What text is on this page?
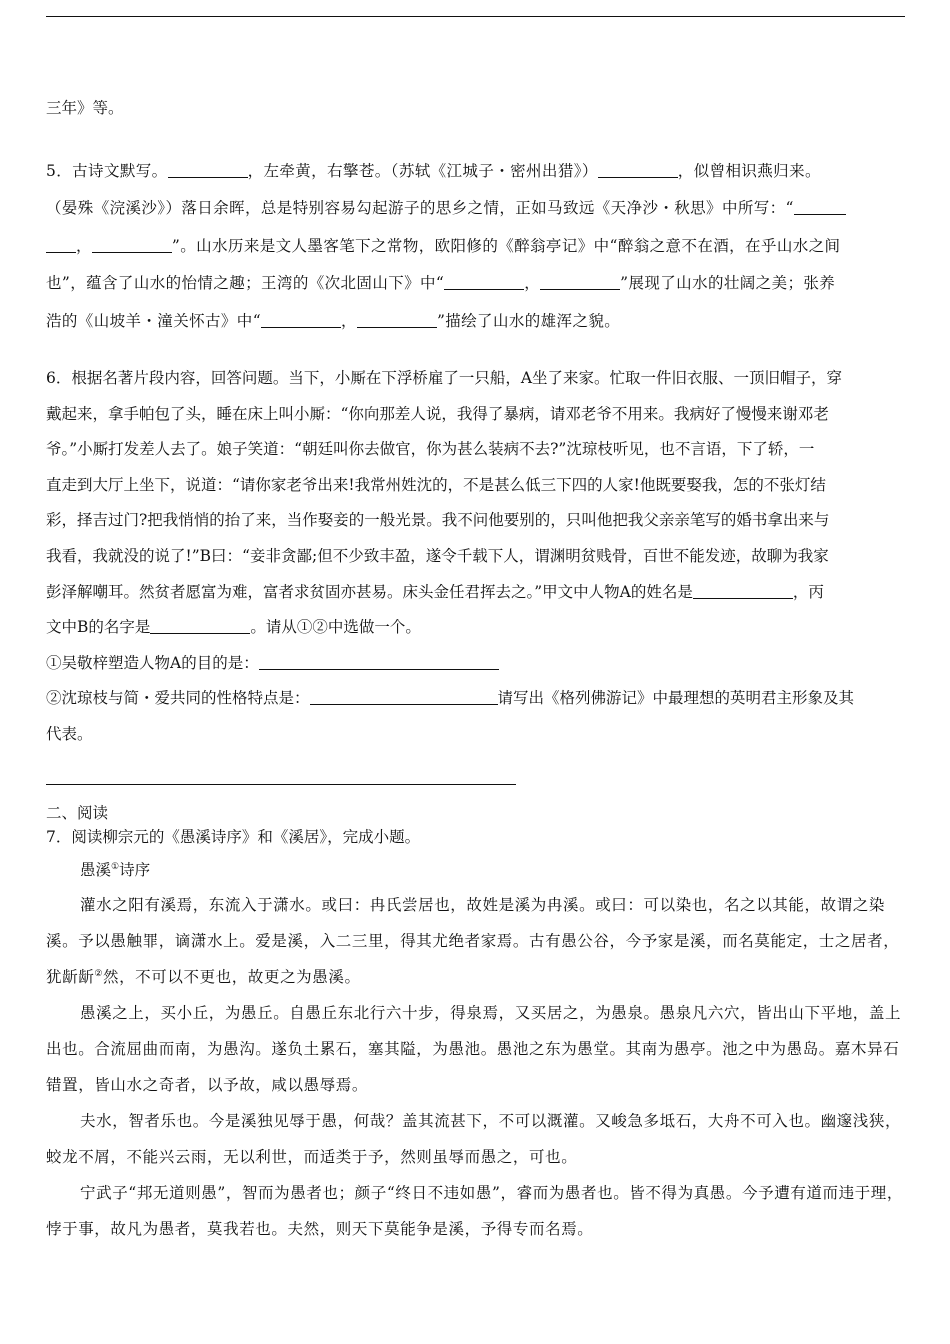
三年》等。
5．古诗文默写。	，左牵黄，右擎苍。（苏轼《江城子・密州出猎》）	，似曾相识燕归来。
（晏殊《浣溪沙》）落日余晖，总是特别容易勾起游子的思乡之情，正如马致远《天净沙・秋思》中所写：“
，	”。山水历来是文人墨客笔下之常物，欧阳修的《醉翁亭记》中“醉翁之意不在酒，在乎山水之间
也”，蕴含了山水的怡情之趣；王湾的《次北固山下》中“	，	”展现了山水的壮阔之美；张养
浩的《山坡羊・潼关怀古》中“	，	”描绘了山水的雄浑之貌。
6．根据名著片段内容，回答问题。当下，小厮在下浮桥雇了一只船，A坐了来家。忙取一件旧衣服、一顶旧帽子，穿
戴起来，拿手帕包了头，睡在床上叫小厮：“你向那差人说，我得了暴病，请邓老爷不用来。我病好了慢慢来谢邓老
爷。”小厮打发差人去了。娘子笑道：“朝廷叫你去做官，你为甚么装病不去?”沈琼枝听见，也不言语，下了轿，一
直走到大厅上坐下，说道：“请你家老爷出来!我常州姓沈的，不是甚么低三下四的人家!他既要娶我，怎的不张灯结
彩，择吉过门?把我悄悄的抬了来，当作娶妾的一般光景。我不问他要别的，只叫他把我父亲亲笔写的婚书拿出来与
我看，我就没的说了!”B曰：“妾非贪鄙;但不少致丰盈，遂令千载下人，谓渊明贫贱骨，百世不能发迹，故聊为我家
彭泽解嘲耳。然贫者愿富为难，富者求贫固亦甚易。床头金任君挥去之。”甲文中人物A的姓名是	，丙
文中B的名字是	。请从①②中选做一个。
①吴敬梓塑造人物A的目的是：
②沈琼枝与简・爱共同的性格特点是：	请写出《格列佛游记》中最理想的英明君主形象及其
代表。
二、阅读
7．阅读柳宗元的《愚溪诗序》和《溪居》，完成小题。
愚溪①诗序
灌水之阳有溪焉，东流入于潇水。或曰：冉氏尝居也，故姓是溪为冉溪。或曰：可以染也，名之以其能，故谓之染溪。予以愚触罪，谪潇水上。爱是溪，入二三里，得其尤绝者家焉。古有愚公谷，今予家是溪，而名莫能定，士之居者，犹龂龂②然，不可以不更也，故更之为愚溪。
愚溪之上，买小丘，为愚丘。自愚丘东北行六十步，得泉焉，又买居之，为愚泉。愚泉凡六穴，皆出山下平地，盖上出也。合流屈曲而南，为愚沟。遂负土累石，塞其隘，为愚池。愚池之东为愚堂。其南为愚亭。池之中为愚岛。嘉木异石错置，皆山水之奇者，以予故，咸以愚辱焉。
夫水，智者乐也。今是溪独见辱于愚，何哉？盖其流甚下，不可以溉灌。又峻急多坻石，大舟不可入也。幽邃浅狭，蛟龙不屑，不能兴云雨，无以利世，而适类于予，然则虽辱而愚之，可也。
宁武子“邦无道则愚”，智而为愚者也；颜子“终日不违如愚”，睿而为愚者也。皆不得为真愚。今予遭有道而违于理，悖于事，故凡为愚者，莫我若也。夫然，则天下莫能争是溪，予得专而名焉。
